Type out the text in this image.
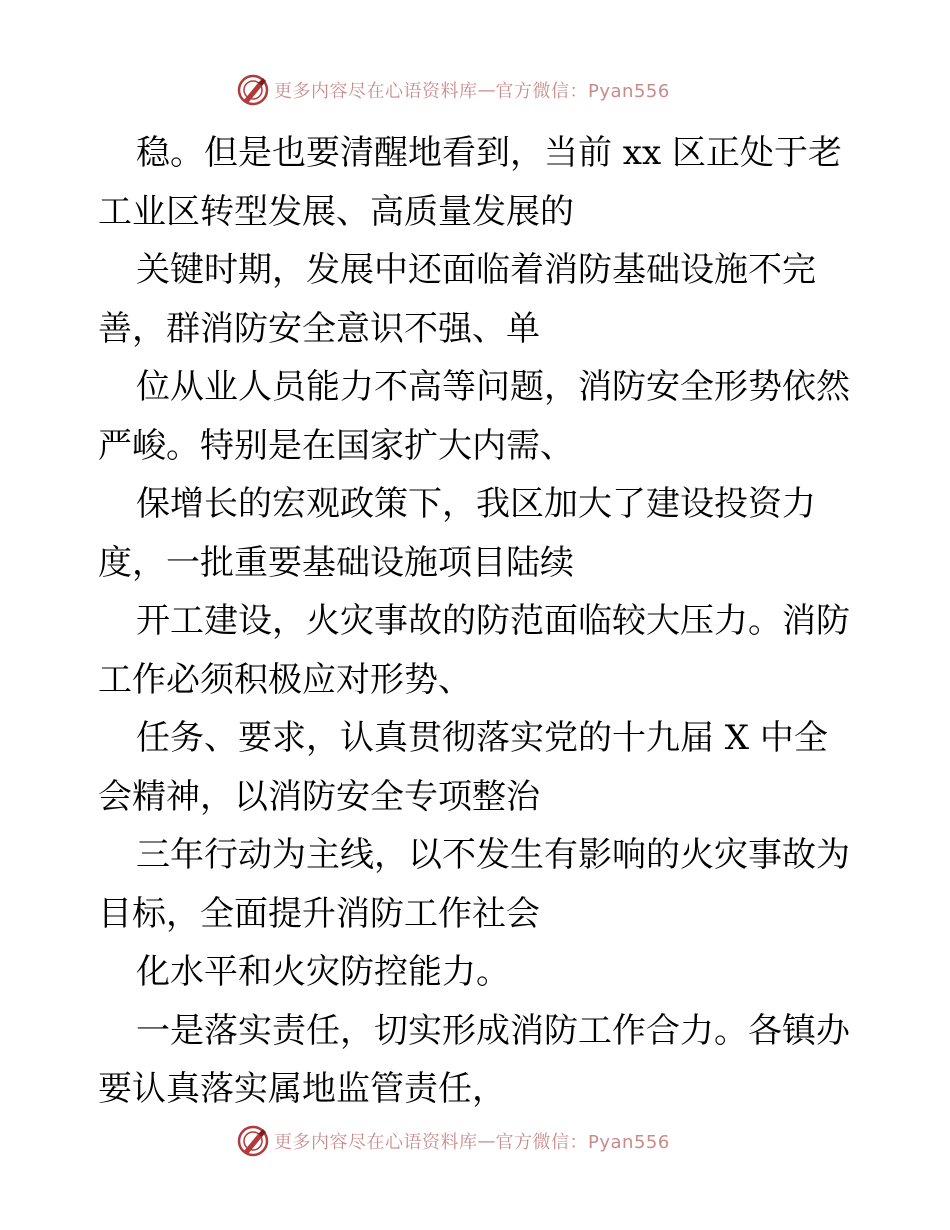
更多内容尽在心语资料库 — 官方微信：Pyan556
稳。但是也要清醒地看到，当前 xx 区正处于老
工业区转型发展、高质量发展的
关键时期，发展中还面临着消防基础设施不完
善，群消防安全意识不强、单
位从业人员能力不高等问题，消防安全形势依然
严峻。特别是在国家扩大内需、
保增长的宏观政策下，我区加大了建设投资力
度，一批重要基础设施项目陆续
开工建设，火灾事故的防范面临较大压力。消防
工作必须积极应对形势、
任务、要求，认真贯彻落实党的十九届 X 中全
会精神，以消防安全专项整治
三年行动为主线，以不发生有影响的火灾事故为
目标，全面提升消防工作社会
化水平和火灾防控能力。
一是落实责任，切实形成消防工作合力。各镇办
要认真落实属地监管责任，
更多内容尽在心语资料库 — 官方微信：Pyan556
